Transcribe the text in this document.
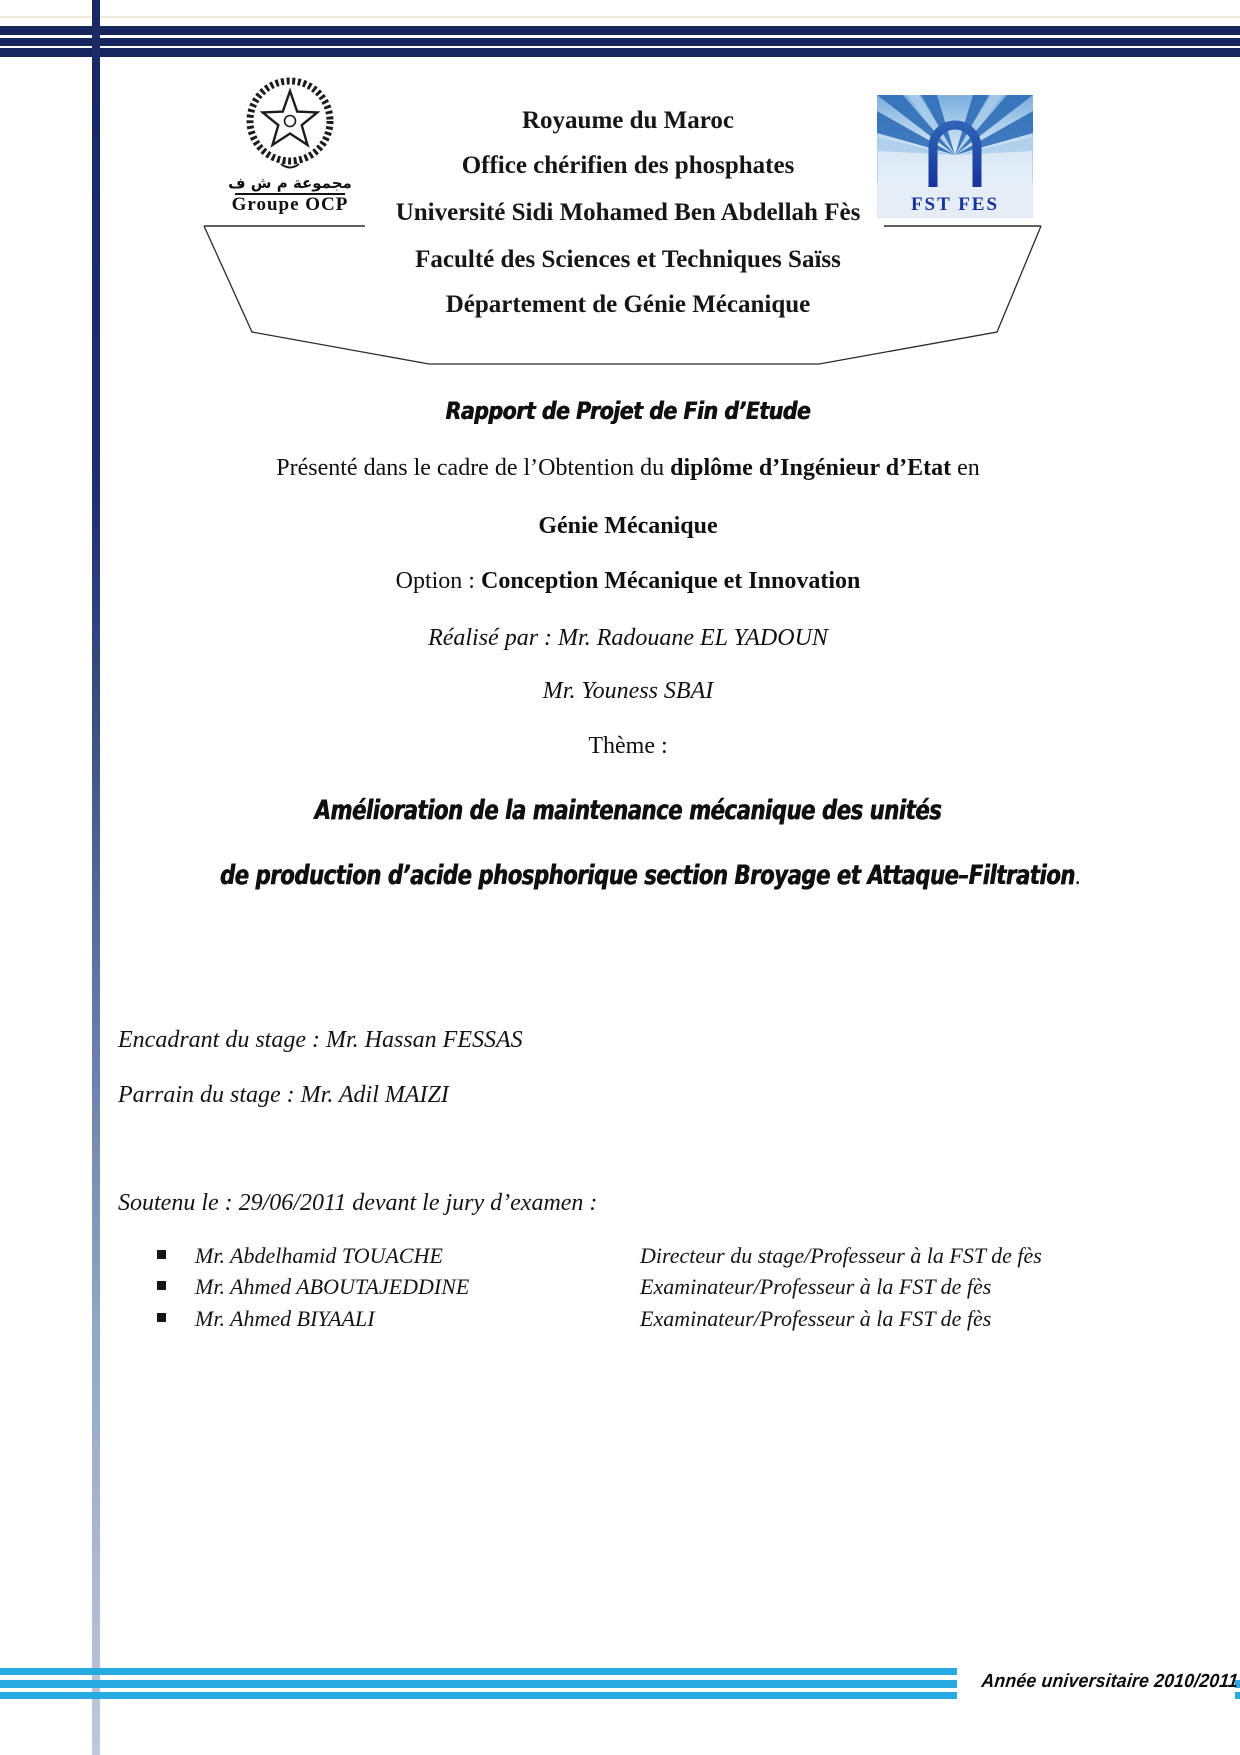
مجموعة م ش ف
Groupe OCP	FST FES
Royaume du Maroc
Office chérifien des phosphates
Université Sidi Mohamed Ben Abdellah Fès
Faculté des Sciences et Techniques Saïss
Département de Génie Mécanique
Rapport de Projet de Fin d’Etude
Présenté dans le cadre de l’Obtention du diplôme d’Ingénieur d’Etat en
Génie Mécanique
Option : Conception Mécanique et Innovation
Réalisé par : Mr. Radouane EL YADOUN
Mr. Youness SBAI
Thème :
Amélioration de la maintenance mécanique des unités
de production d’acide phosphorique section Broyage et Attaque–Filtration.
Encadrant du stage : Mr. Hassan FESSAS
Parrain du stage : Mr. Adil MAIZI
Soutenu le : 29/06/2011 devant le jury d’examen :
Mr. Abdelhamid TOUACHE	Directeur du stage/Professeur à la FST de fès
Mr. Ahmed ABOUTAJEDDINE	Examinateur/Professeur à la FST de fès
Mr. Ahmed BIYAALI	Examinateur/Professeur à la FST de fès
Année universitaire 2010/2011
